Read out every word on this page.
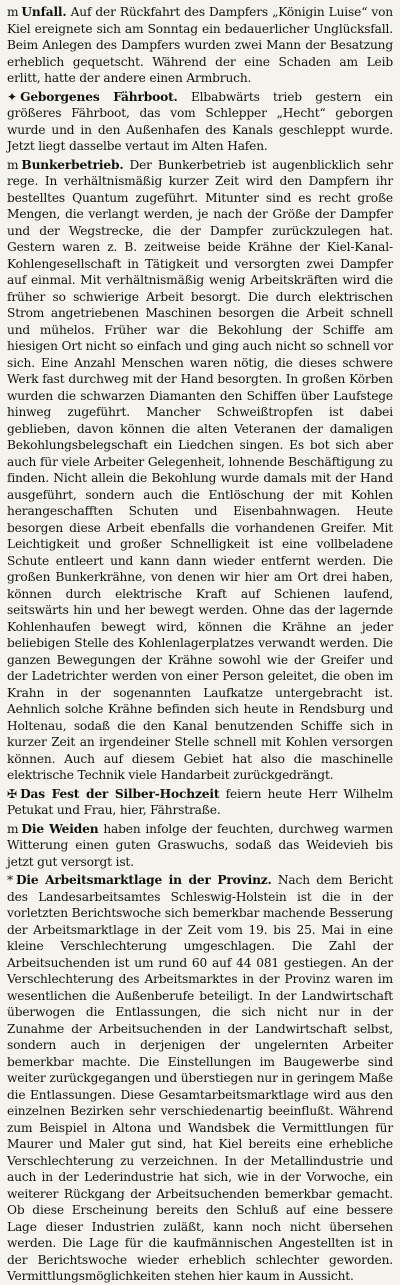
m Unfall. Auf der Rückfahrt des Dampfers „Königin Luise“ von Kiel ereignete sich am Sonntag ein bedauerlicher Unglücksfall. Beim Anlegen des Dampfers wurden zwei Mann der Besatzung erheblich gequetscht. Während der eine Schaden am Leib erlitt, hatte der andere einen Armbruch.

✦ Geborgenes Fährboot. Elbabwärts trieb gestern ein größeres Fährboot, das vom Schlepper „Hecht“ geborgen wurde und in den Außenhafen des Kanals geschleppt wurde. Jetzt liegt dasselbe vertaut im Alten Hafen.

m Bunkerbetrieb. Der Bunkerbetrieb ist augenblicklich sehr rege. In verhältnismäßig kurzer Zeit wird den Dampfern ihr bestelltes Quantum zugeführt. Mitunter sind es recht große Mengen, die verlangt werden, je nach der Größe der Dampfer und der Wegstrecke, die der Dampfer zurückzulegen hat. Gestern waren z. B. zeitweise beide Krähne der Kiel-Kanal-Kohlengesellschaft in Tätigkeit und versorgten zwei Dampfer auf einmal. Mit verhältnismäßig wenig Arbeitskräften wird die früher so schwierige Arbeit besorgt. Die durch elektrischen Strom angetriebenen Maschinen besorgen die Arbeit schnell und mühelos. Früher war die Bekohlung der Schiffe am hiesigen Ort nicht so einfach und ging auch nicht so schnell vor sich. Eine Anzahl Menschen waren nötig, die dieses schwere Werk fast durchweg mit der Hand besorgten. In großen Körben wurden die schwarzen Diamanten den Schiffen über Laufstege hinweg zugeführt. Mancher Schweißtropfen ist dabei geblieben, davon können die alten Veteranen der damaligen Bekohlungsbelegschaft ein Liedchen singen. Es bot sich aber auch für viele Arbeiter Gelegenheit, lohnende Beschäftigung zu finden. Nicht allein die Bekohlung wurde damals mit der Hand ausgeführt, sondern auch die Entlöschung der mit Kohlen herangeschafften Schuten und Eisenbahnwagen. Heute besorgen diese Arbeit ebenfalls die vorhandenen Greifer. Mit Leichtigkeit und großer Schnelligkeit ist eine vollbeladene Schute entleert und kann dann wieder entfernt werden. Die großen Bunkerkrähne, von denen wir hier am Ort drei haben, können durch elektrische Kraft auf Schienen laufend, seitswärts hin und her bewegt werden. Ohne das der lagernde Kohlenhaufen bewegt wird, können die Krähne an jeder beliebigen Stelle des Kohlenlagerplatzes verwandt werden. Die ganzen Bewegungen der Krähne sowohl wie der Greifer und der Ladetrichter werden von einer Person geleitet, die oben im Krahn in der sogenannten Laufkatze untergebracht ist. Aehnlich solche Krähne befinden sich heute in Rendsburg und Holtenau, sodaß die den Kanal benutzenden Schiffe sich in kurzer Zeit an irgendeiner Stelle schnell mit Kohlen versorgen können. Auch auf diesem Gebiet hat also die maschinelle elektrische Technik viele Handarbeit zurückgedrängt.

✠ Das Fest der Silber-Hochzeit feiern heute Herr Wilhelm Petukat und Frau, hier, Fährstraße.

m Die Weiden haben infolge der feuchten, durchweg warmen Witterung einen guten Graswuchs, sodaß das Weidevieh bis jetzt gut versorgt ist.

* Die Arbeitsmarktlage in der Provinz. Nach dem Bericht des Landesarbeitsamtes Schleswig-Holstein ist die in der vorletzten Berichtswoche sich bemerkbar machende Besserung der Arbeitsmarktlage in der Zeit vom 19. bis 25. Mai in eine kleine Verschlechterung umgeschlagen. Die Zahl der Arbeitsuchenden ist um rund 60 auf 44 081 gestiegen. An der Verschlechterung des Arbeitsmarktes in der Provinz waren im wesentlichen die Außenberufe beteiligt. In der Landwirtschaft überwogen die Entlassungen, die sich nicht nur in der Zunahme der Arbeitsuchenden in der Landwirtschaft selbst, sondern auch in derjenigen der ungelernten Arbeiter bemerkbar machte. Die Einstellungen im Baugewerbe sind weiter zurückgegangen und überstiegen nur in geringem Maße die Entlassungen. Diese Gesamtarbeitsmarktlage wird aus den einzelnen Bezirken sehr verschiedenartig beeinflußt. Während zum Beispiel in Altona und Wandsbek die Vermittlungen für Maurer und Maler gut sind, hat Kiel bereits eine erhebliche Verschlechterung zu verzeichnen. In der Metallindustrie und auch in der Lederindustrie hat sich, wie in der Vorwoche, ein weiterer Rückgang der Arbeitsuchenden bemerkbar gemacht. Ob diese Erscheinung bereits den Schluß auf eine bessere Lage dieser Industrien zuläßt, kann noch nicht übersehen werden. Die Lage für die kaufmännischen Angestellten ist in der Berichtswoche wieder erheblich schlechter geworden. Vermittlungsmöglichkeiten stehen hier kaum in Aussicht.
